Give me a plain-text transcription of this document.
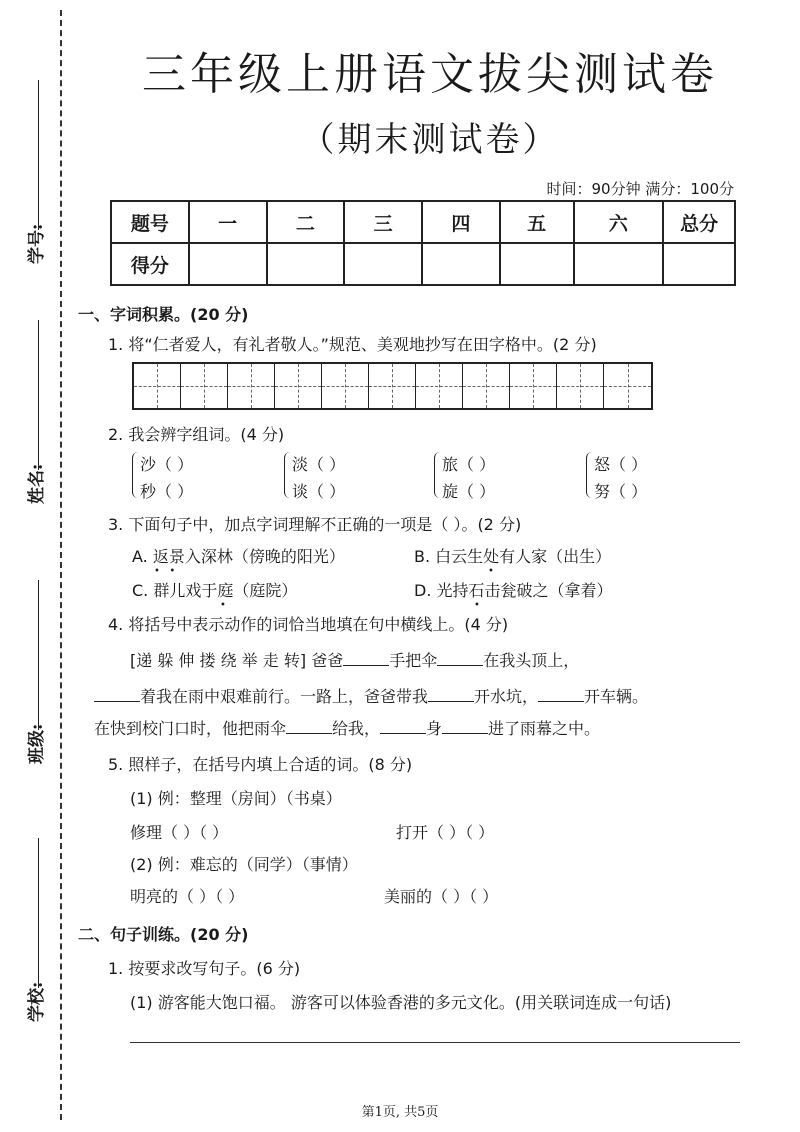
学号:
姓名:
班级:
学校:
三年级上册语文拔尖测试卷
（期末测试卷）
时间：90分钟 满分：100分
题号	一	二	三	四	五	六	总分
得分							
一、字词积累。(20 分)
1. 将“仁者爱人，有礼者敬人。”规范、美观地抄写在田字格中。(2 分)
2. 我会辨字组词。(4 分)
沙（ ）
秒（ ）
淡（ ）
谈（ ）
旅（ ）
旋（ ）
怒（ ）
努（ ）
3. 下面句子中，加点字词理解不正确的一项是（ ）。(2 分)
A. 返景入深林（傍晚的阳光）	B. 白云生处有人家（出生）
C. 群儿戏于庭（庭院）	D. 光持石击瓮破之（拿着）
•   •	•
•	•
4. 将括号中表示动作的词恰当地填在句中横线上。(4 分)
[递 躲 伸 搂 绕 举 走 转] 爸爸	手把伞	在我头顶上，
着我在雨中艰难前行。一路上，爸爸带我	开水坑，	开车辆。
在快到校门口时，他把雨伞	给我，	身	进了雨幕之中。
5. 照样子，在括号内填上合适的词。(8 分)
(1) 例：整理（房间）（书桌）
修理（ ）（ ）	打开（ ）（ ）
(2) 例：难忘的（同学）（事情）
明亮的（ ）（ ）	美丽的（ ）（ ）
二、句子训练。(20 分)
1. 按要求改写句子。(6 分)
(1) 游客能大饱口福。 游客可以体验香港的多元文化。(用关联词连成一句话)
第1页, 共5页
